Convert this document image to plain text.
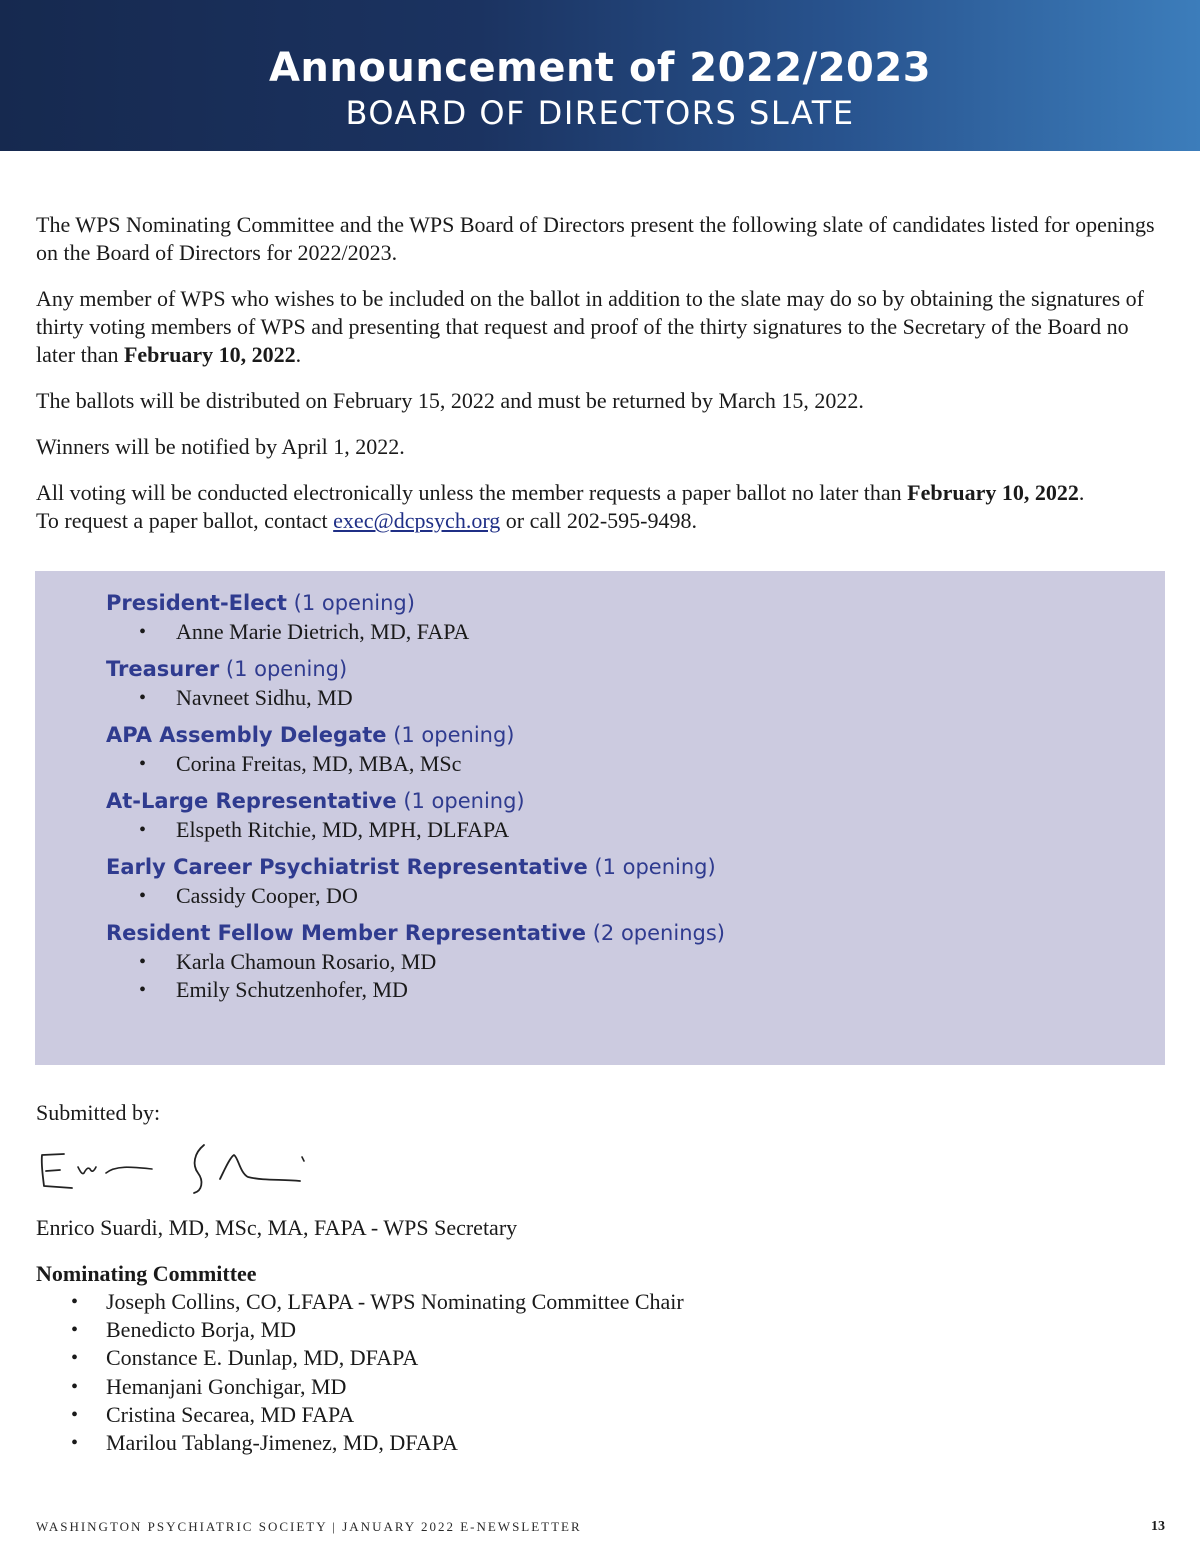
Announcement of 2022/2023
BOARD OF DIRECTORS SLATE

The WPS Nominating Committee and the WPS Board of Directors present the following slate of candidates listed for openings on the Board of Directors for 2022/2023.

Any member of WPS who wishes to be included on the ballot in addition to the slate may do so by obtaining the signatures of thirty voting members of WPS and presenting that request and proof of the thirty signatures to the Secretary of the Board no later than February 10, 2022.

The ballots will be distributed on February 15, 2022 and must be returned by March 15, 2022.

Winners will be notified by April 1, 2022.

All voting will be conducted electronically unless the member requests a paper ballot no later than February 10, 2022.
To request a paper ballot, contact exec@dcpsych.org or call 202-595-9498.

President-Elect (1 opening)
• Anne Marie Dietrich, MD, FAPA
Treasurer (1 opening)
• Navneet Sidhu, MD
APA Assembly Delegate (1 opening)
• Corina Freitas, MD, MBA, MSc
At-Large Representative (1 opening)
• Elspeth Ritchie, MD, MPH, DLFAPA
Early Career Psychiatrist Representative (1 opening)
• Cassidy Cooper, DO
Resident Fellow Member Representative (2 openings)
• Karla Chamoun Rosario, MD
• Emily Schutzenhofer, MD
Submitted by:
Enrico Suardi, MD, MSc, MA, FAPA - WPS Secretary
Nominating Committee
• Joseph Collins, CO, LFAPA - WPS Nominating Committee Chair
• Benedicto Borja, MD
• Constance E. Dunlap, MD, DFAPA
• Hemanjani Gonchigar, MD
• Cristina Secarea, MD FAPA
• Marilou Tablang-Jimenez, MD, DFAPA
WASHINGTON PSYCHIATRIC SOCIETY | JANUARY 2022 E-NEWSLETTER	13
